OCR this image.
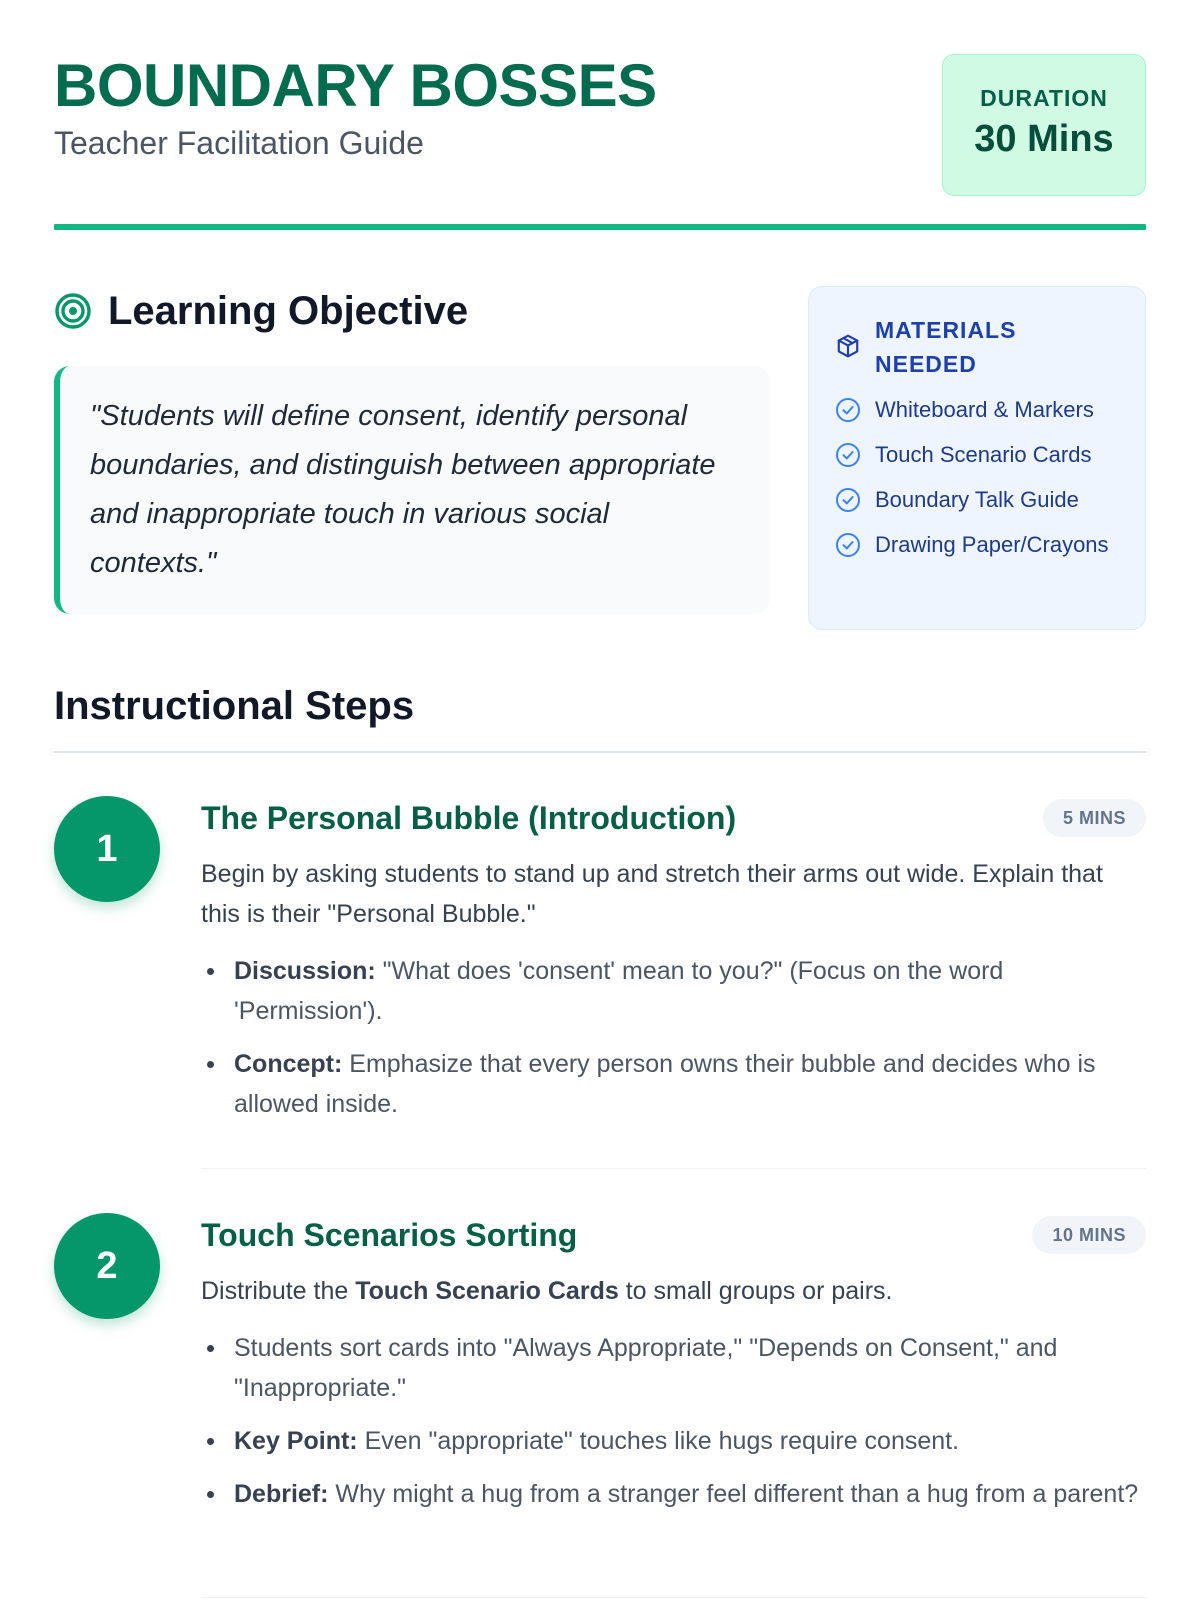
BOUNDARY BOSSES
Teacher Facilitation Guide
DURATION
30 Mins
Learning Objective

"Students will define consent, identify personal boundaries, and distinguish between appropriate and inappropriate touch in various social contexts."

MATERIALS NEEDED
Whiteboard & Markers
Touch Scenario Cards
Boundary Talk Guide
Drawing Paper/Crayons
Instructional Steps
1
The Personal Bubble (Introduction)	5 MINS

Begin by asking students to stand up and stretch their arms out wide. Explain that this is their "Personal Bubble."

Discussion: "What does 'consent' mean to you?" (Focus on the word 'Permission').
Concept: Emphasize that every person owns their bubble and decides who is allowed inside.
2
Touch Scenarios Sorting	10 MINS

Distribute the Touch Scenario Cards to small groups or pairs.

Students sort cards into "Always Appropriate," "Depends on Consent," and "Inappropriate."
Key Point: Even "appropriate" touches like hugs require consent.
Debrief: Why might a hug from a stranger feel different than a hug from a parent?
